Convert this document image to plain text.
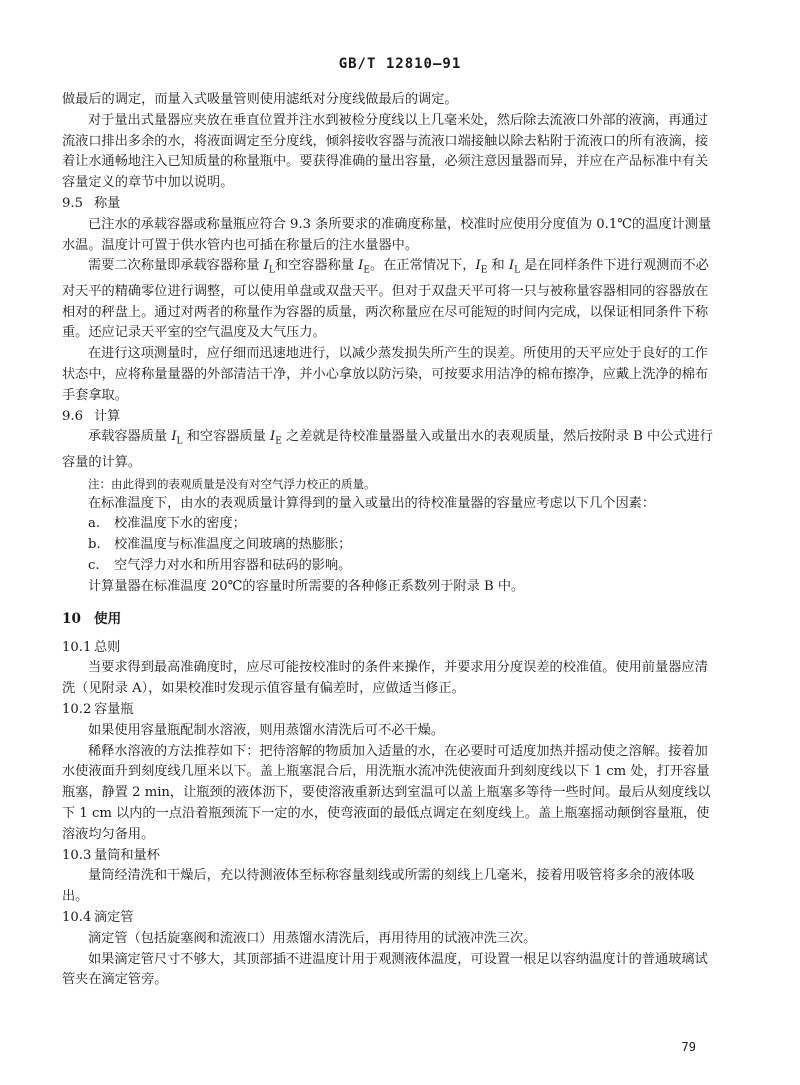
GB/T 12810—91

做最后的调定，而量入式吸量管则使用滤纸对分度线做最后的调定。

对于量出式量器应夹放在垂直位置并注水到被检分度线以上几毫米处，然后除去流液口外部的液滴，再通过流液口排出多余的水，将液面调定至分度线，倾斜接收容器与流液口端接触以除去粘附于流液口的所有液滴，接着让水通畅地注入已知质量的称量瓶中。要获得准确的量出容量，必须注意因量器而异，并应在产品标准中有关容量定义的章节中加以说明。

9.5 称量

已注水的承载容器或称量瓶应符合 9.3 条所要求的准确度称量，校准时应使用分度值为 0.1℃的温度计测量水温。温度计可置于供水管内也可插在称量后的注水量器中。

需要二次称量即承载容器称量 $I_L$和空容器称量 $I_E$。在正常情况下，$I_E$ 和 $I_L$ 是在同样条件下进行观测而不必对天平的精确零位进行调整，可以使用单盘或双盘天平。但对于双盘天平可将一只与被称量容器相同的容器放在相对的秤盘上。通过对两者的称量作为容器的质量，两次称量应在尽可能短的时间内完成，以保证相同条件下称重。还应记录天平室的空气温度及大气压力。

在进行这项测量时，应仔细而迅速地进行，以减少蒸发损失所产生的误差。所使用的天平应处于良好的工作状态中，应将称量量器的外部清洁干净，并小心拿放以防污染，可按要求用洁净的棉布擦净，应戴上洗净的棉布手套拿取。

9.6 计算

承载容器质量 $I_L$ 和空容器质量 $I_E$ 之差就是待校准量器量入或量出水的表观质量，然后按附录 B 中公式进行容量的计算。

注：由此得到的表观质量是没有对空气浮力校正的质量。

在标准温度下，由水的表观质量计算得到的量入或量出的待校准量器的容量应考虑以下几个因素：

a. 校准温度下水的密度；
b. 校准温度与标准温度之间玻璃的热膨胀；
c. 空气浮力对水和所用容器和砝码的影响。

计算量器在标准温度 20℃的容量时所需要的各种修正系数列于附录 B 中。

10 使用
10.1 总则

当要求得到最高准确度时，应尽可能按校准时的条件来操作，并要求用分度误差的校准值。使用前量器应清洗（见附录 A），如果校准时发现示值容量有偏差时，应做适当修正。

10.2 容量瓶

如果使用容量瓶配制水溶液，则用蒸馏水清洗后可不必干燥。

稀释水溶液的方法推荐如下：把待溶解的物质加入适量的水，在必要时可适度加热并摇动使之溶解。接着加水使液面升到刻度线几厘米以下。盖上瓶塞混合后，用洗瓶水流冲洗使液面升到刻度线以下 1 cm 处，打开容量瓶塞，静置 2 min，让瓶颈的液体沥下，要使溶液重新达到室温可以盖上瓶塞多等待一些时间。最后从刻度线以下 1 cm 以内的一点沿着瓶颈流下一定的水，使弯液面的最低点调定在刻度线上。盖上瓶塞摇动颠倒容量瓶，使溶液均匀备用。

10.3 量筒和量杯

量筒经清洗和干燥后，充以待测液体至标称容量刻线或所需的刻线上几毫米，接着用吸管将多余的液体吸出。

10.4 滴定管

滴定管（包括旋塞阀和流液口）用蒸馏水清洗后，再用待用的试液冲洗三次。

如果滴定管尺寸不够大，其顶部插不进温度计用于观测液体温度，可设置一根足以容纳温度计的普通玻璃试管夹在滴定管旁。

79
